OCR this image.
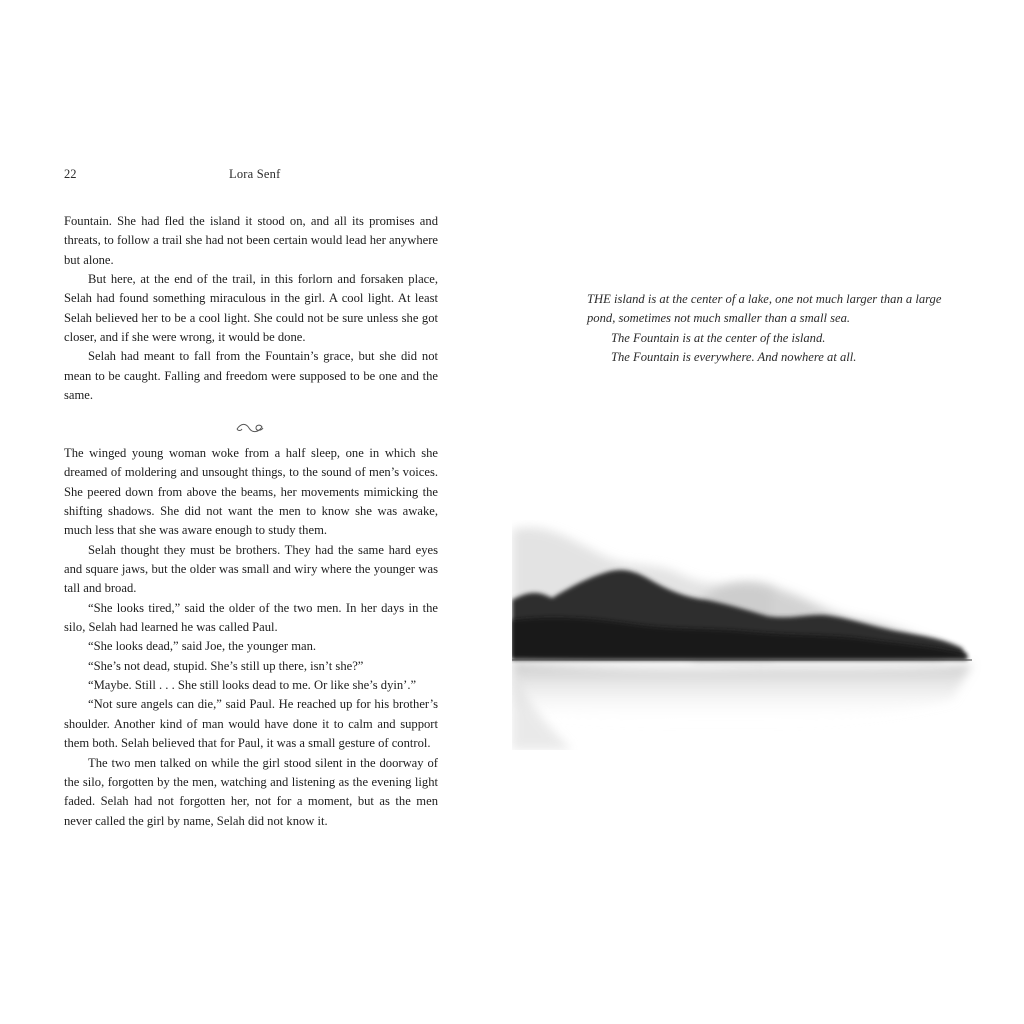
22	Lora Senf

Fountain. She had fled the island it stood on, and all its promises and threats, to follow a trail she had not been certain would lead her anywhere but alone.

But here, at the end of the trail, in this forlorn and forsaken place, Selah had found something miraculous in the girl. A cool light. At least Selah believed her to be a cool light. She could not be sure unless she got closer, and if she were wrong, it would be done.

Selah had meant to fall from the Fountain’s grace, but she did not mean to be caught. Falling and freedom were supposed to be one and the same.

The winged young woman woke from a half sleep, one in which she dreamed of moldering and unsought things, to the sound of men’s voices. She peered down from above the beams, her movements mimicking the shifting shadows. She did not want the men to know she was awake, much less that she was aware enough to study them.

Selah thought they must be brothers. They had the same hard eyes and square jaws, but the older was small and wiry where the younger was tall and broad.

“She looks tired,” said the older of the two men. In her days in the silo, Selah had learned he was called Paul.

“She looks dead,” said Joe, the younger man.

“She’s not dead, stupid. She’s still up there, isn’t she?”

“Maybe. Still . . . She still looks dead to me. Or like she’s dyin’.”

“Not sure angels can die,” said Paul. He reached up for his brother’s shoulder. Another kind of man would have done it to calm and support them both. Selah believed that for Paul, it was a small gesture of control.

The two men talked on while the girl stood silent in the doorway of the silo, forgotten by the men, watching and listening as the evening light faded. Selah had not forgotten her, not for a moment, but as the men never called the girl by name, Selah did not know it.

THE island is at the center of a lake, one not much larger than a large pond, sometimes not much smaller than a small sea.

The Fountain is at the center of the island.

The Fountain is everywhere. And nowhere at all.
